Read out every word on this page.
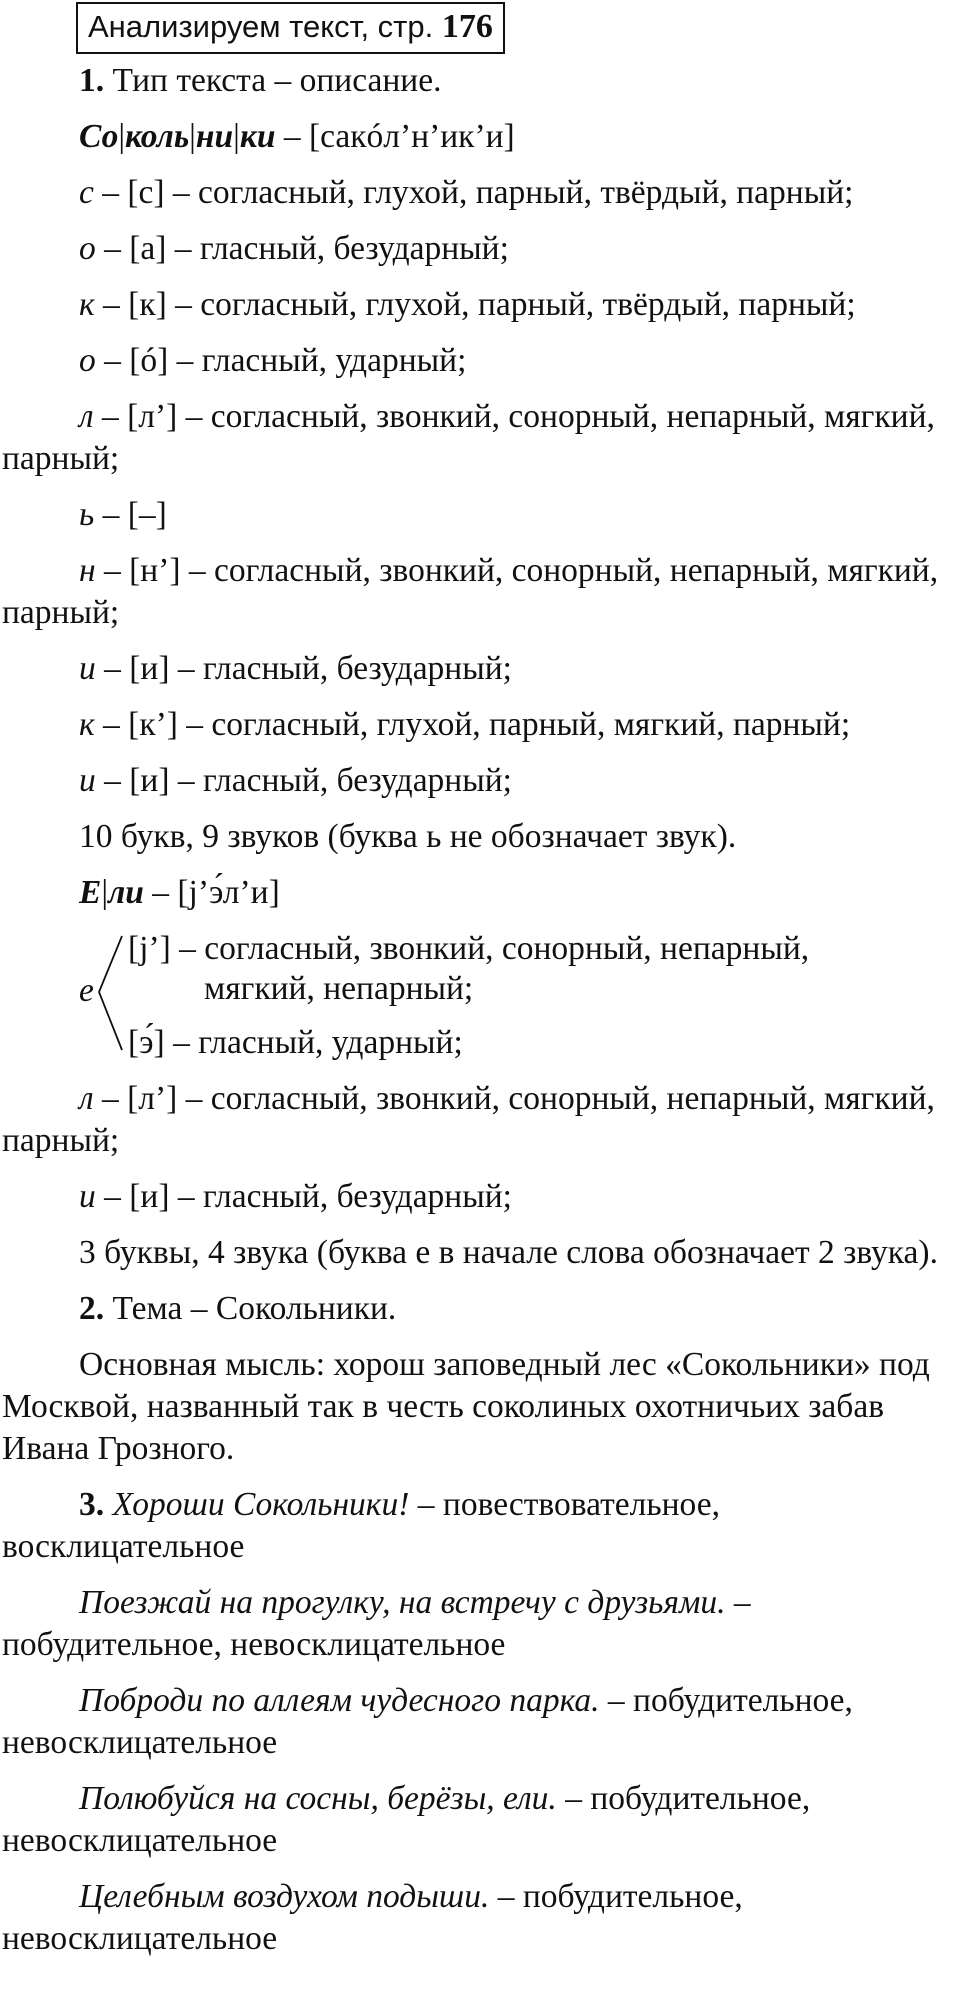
Анализируем текст, стр. 176

1. Тип текста – описание.

Со|коль|ни|ки – [сакóл’н’ик’и]

с – [с] – согласный, глухой, парный, твёрдый, парный;

о – [а] – гласный, безударный;

к – [к] – согласный, глухой, парный, твёрдый, парный;

о – [ó] – гласный, ударный;

л – [л’] – согласный, звонкий, сонорный, непарный, мягкий, парный;

ь – [–]

н – [н’] – согласный, звонкий, сонорный, непарный, мягкий, парный;

и – [и] – гласный, безударный;

к – [к’] – согласный, глухой, парный, мягкий, парный;

и – [и] – гласный, безударный;

10 букв, 9 звуков (буква ь не обозначает звук).

Е|ли – [j’э́л’и]

е
[j’] – согласный, звонкий, сонорный, непарный,
мягкий, непарный;
[э́] – гласный, ударный;

л – [л’] – согласный, звонкий, сонорный, непарный, мягкий, парный;

и – [и] – гласный, безударный;

3 буквы, 4 звука (буква е в начале слова обозначает 2 звука).

2. Тема – Сокольники.

Основная мысль: хорош заповедный лес «Сокольники» под Москвой, названный так в честь соколиных охотничьих забав Ивана Грозного.

3. Хороши Сокольники! – повествовательное, восклицательное

Поезжай на прогулку, на встречу с друзьями. – побудительное, невосклицательное

Поброди по аллеям чудесного парка. – побудительное, невосклицательное

Полюбуйся на сосны, берёзы, ели. – побудительное, невосклицательное

Целебным воздухом подыши. – побудительное, невосклицательное
